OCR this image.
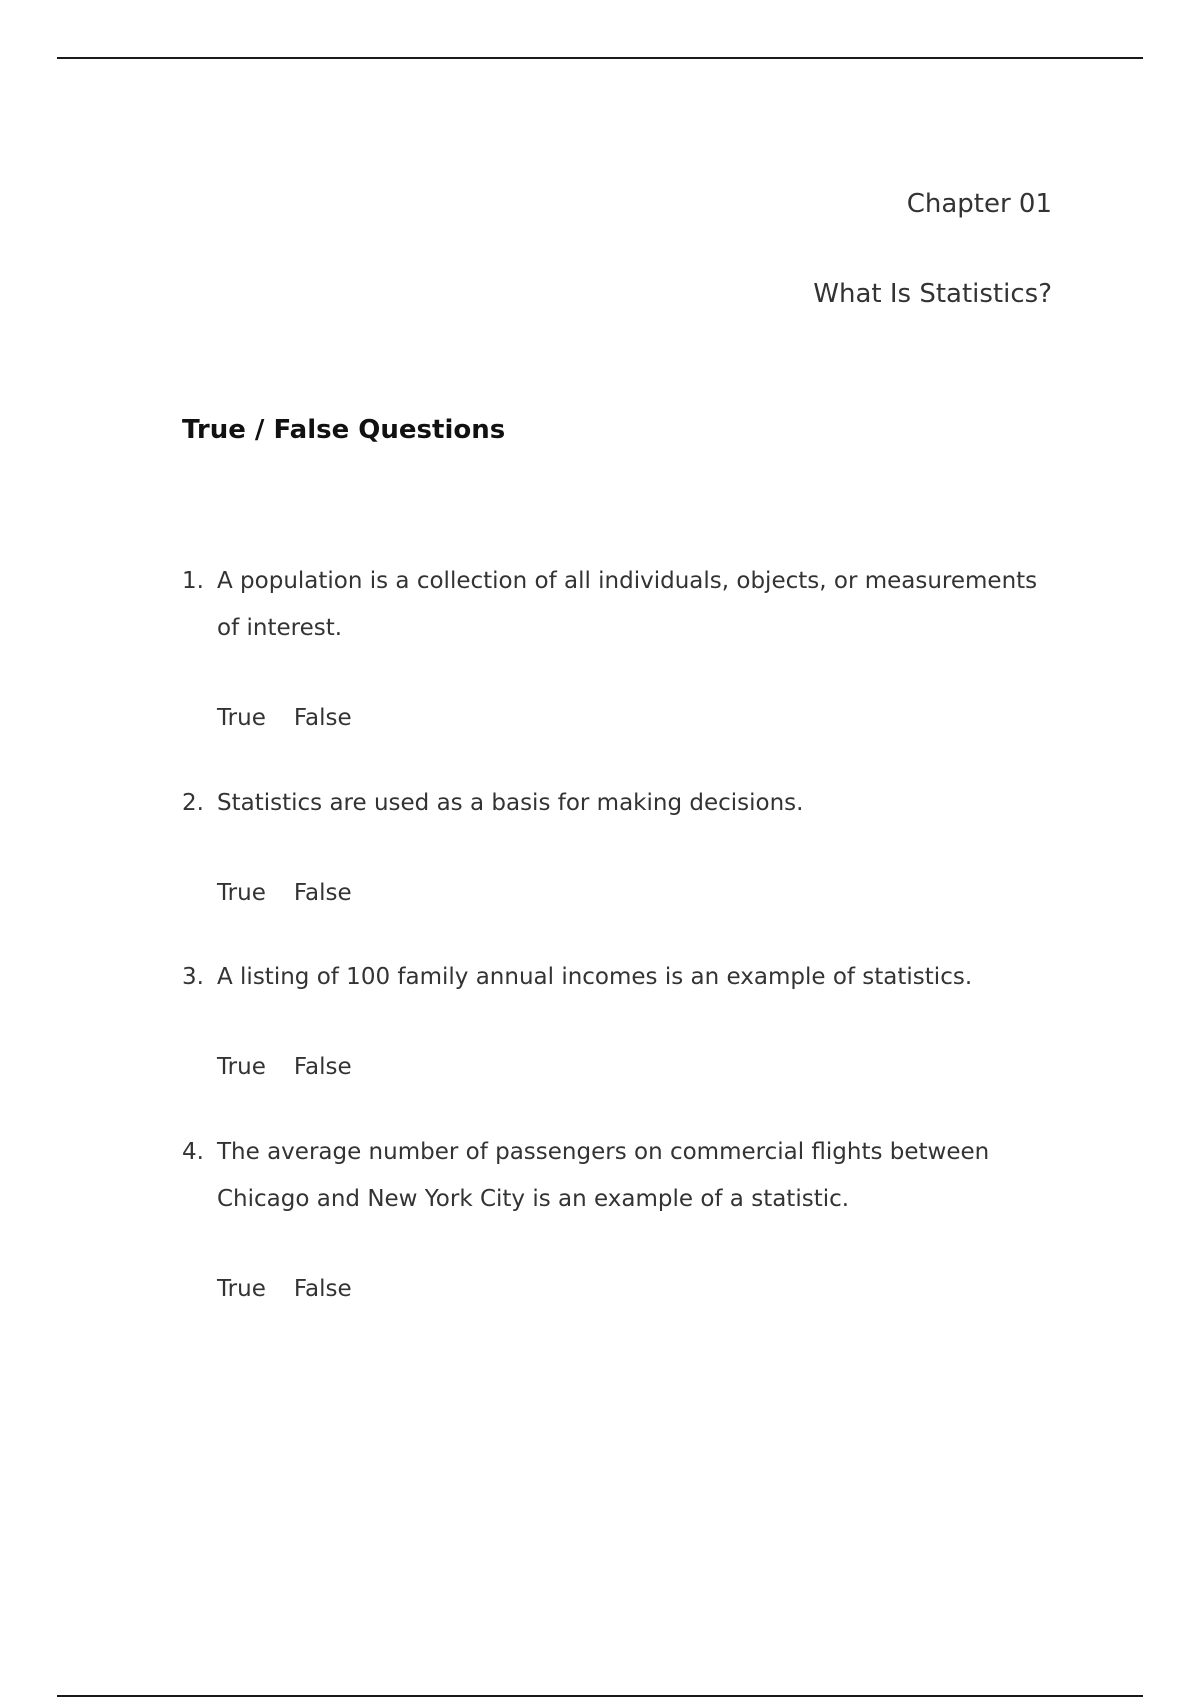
Chapter 01
What Is Statistics?
True / False Questions
1. A population is a collection of all individuals, objects, or measurements of interest.
True False
2. Statistics are used as a basis for making decisions.
True False
3. A listing of 100 family annual incomes is an example of statistics.
True False
4. The average number of passengers on commercial flights between Chicago and New York City is an example of a statistic.
True False
